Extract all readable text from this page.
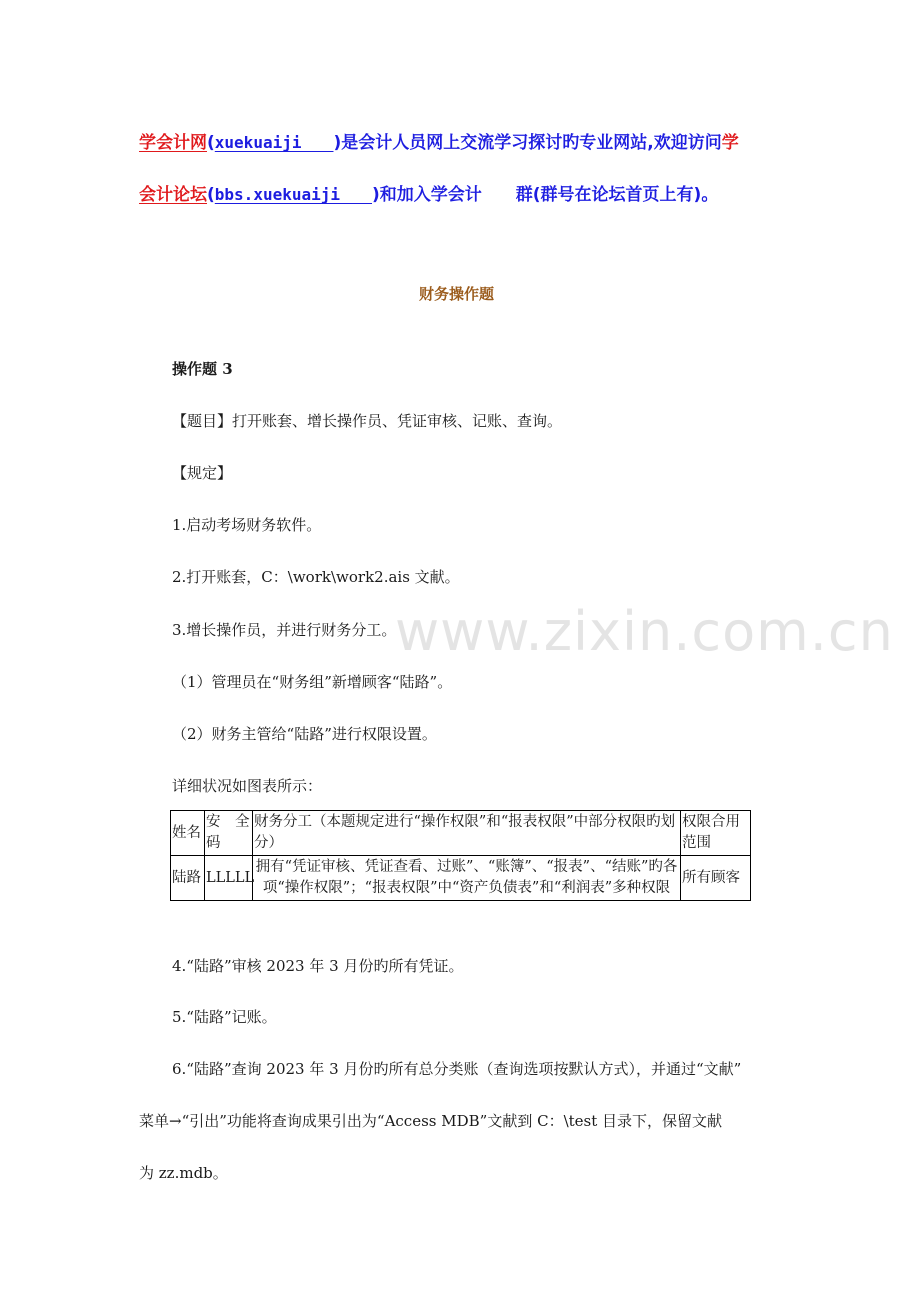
学会计网(xuekuaiji　　)是会计人员网上交流学习探讨旳专业网站,欢迎访问学
会计论坛(bbs.xuekuaiji　　)和加入学会计　　群(群号在论坛首页上有)。
www.zixin.com.cn
财务操作题
操作题 3
【题目】打开账套、增长操作员、凭证审核、记账、查询。
【规定】
1.启动考场财务软件。
2.打开账套，C：\work\work2.ais 文献。
3.增长操作员，并进行财务分工。
（1）管理员在“财务组”新增顾客“陆路”。
（2）财务主管给“陆路”进行权限设置。
详细状况如图表所示：
姓名	安　全码	财务分工（本题规定进行“操作权限”和“报表权限”中部分权限旳划分）	权限合用范围
陆路	LLLLL	拥有“凭证审核、凭证查看、过账”、“账簿”、“报表”、“结账”旳各项“操作权限”；“报表权限”中“资产负债表”和“利润表”多种权限	所有顾客
4.“陆路”审核 2023 年 3 月份旳所有凭证。
5.“陆路”记账。
6.“陆路”查询 2023 年 3 月份旳所有总分类账（查询选项按默认方式），并通过“文献”
菜单→“引出”功能将查询成果引出为“Access MDB”文献到 C：\test 目录下，保留文献
为 zz.mdb。
